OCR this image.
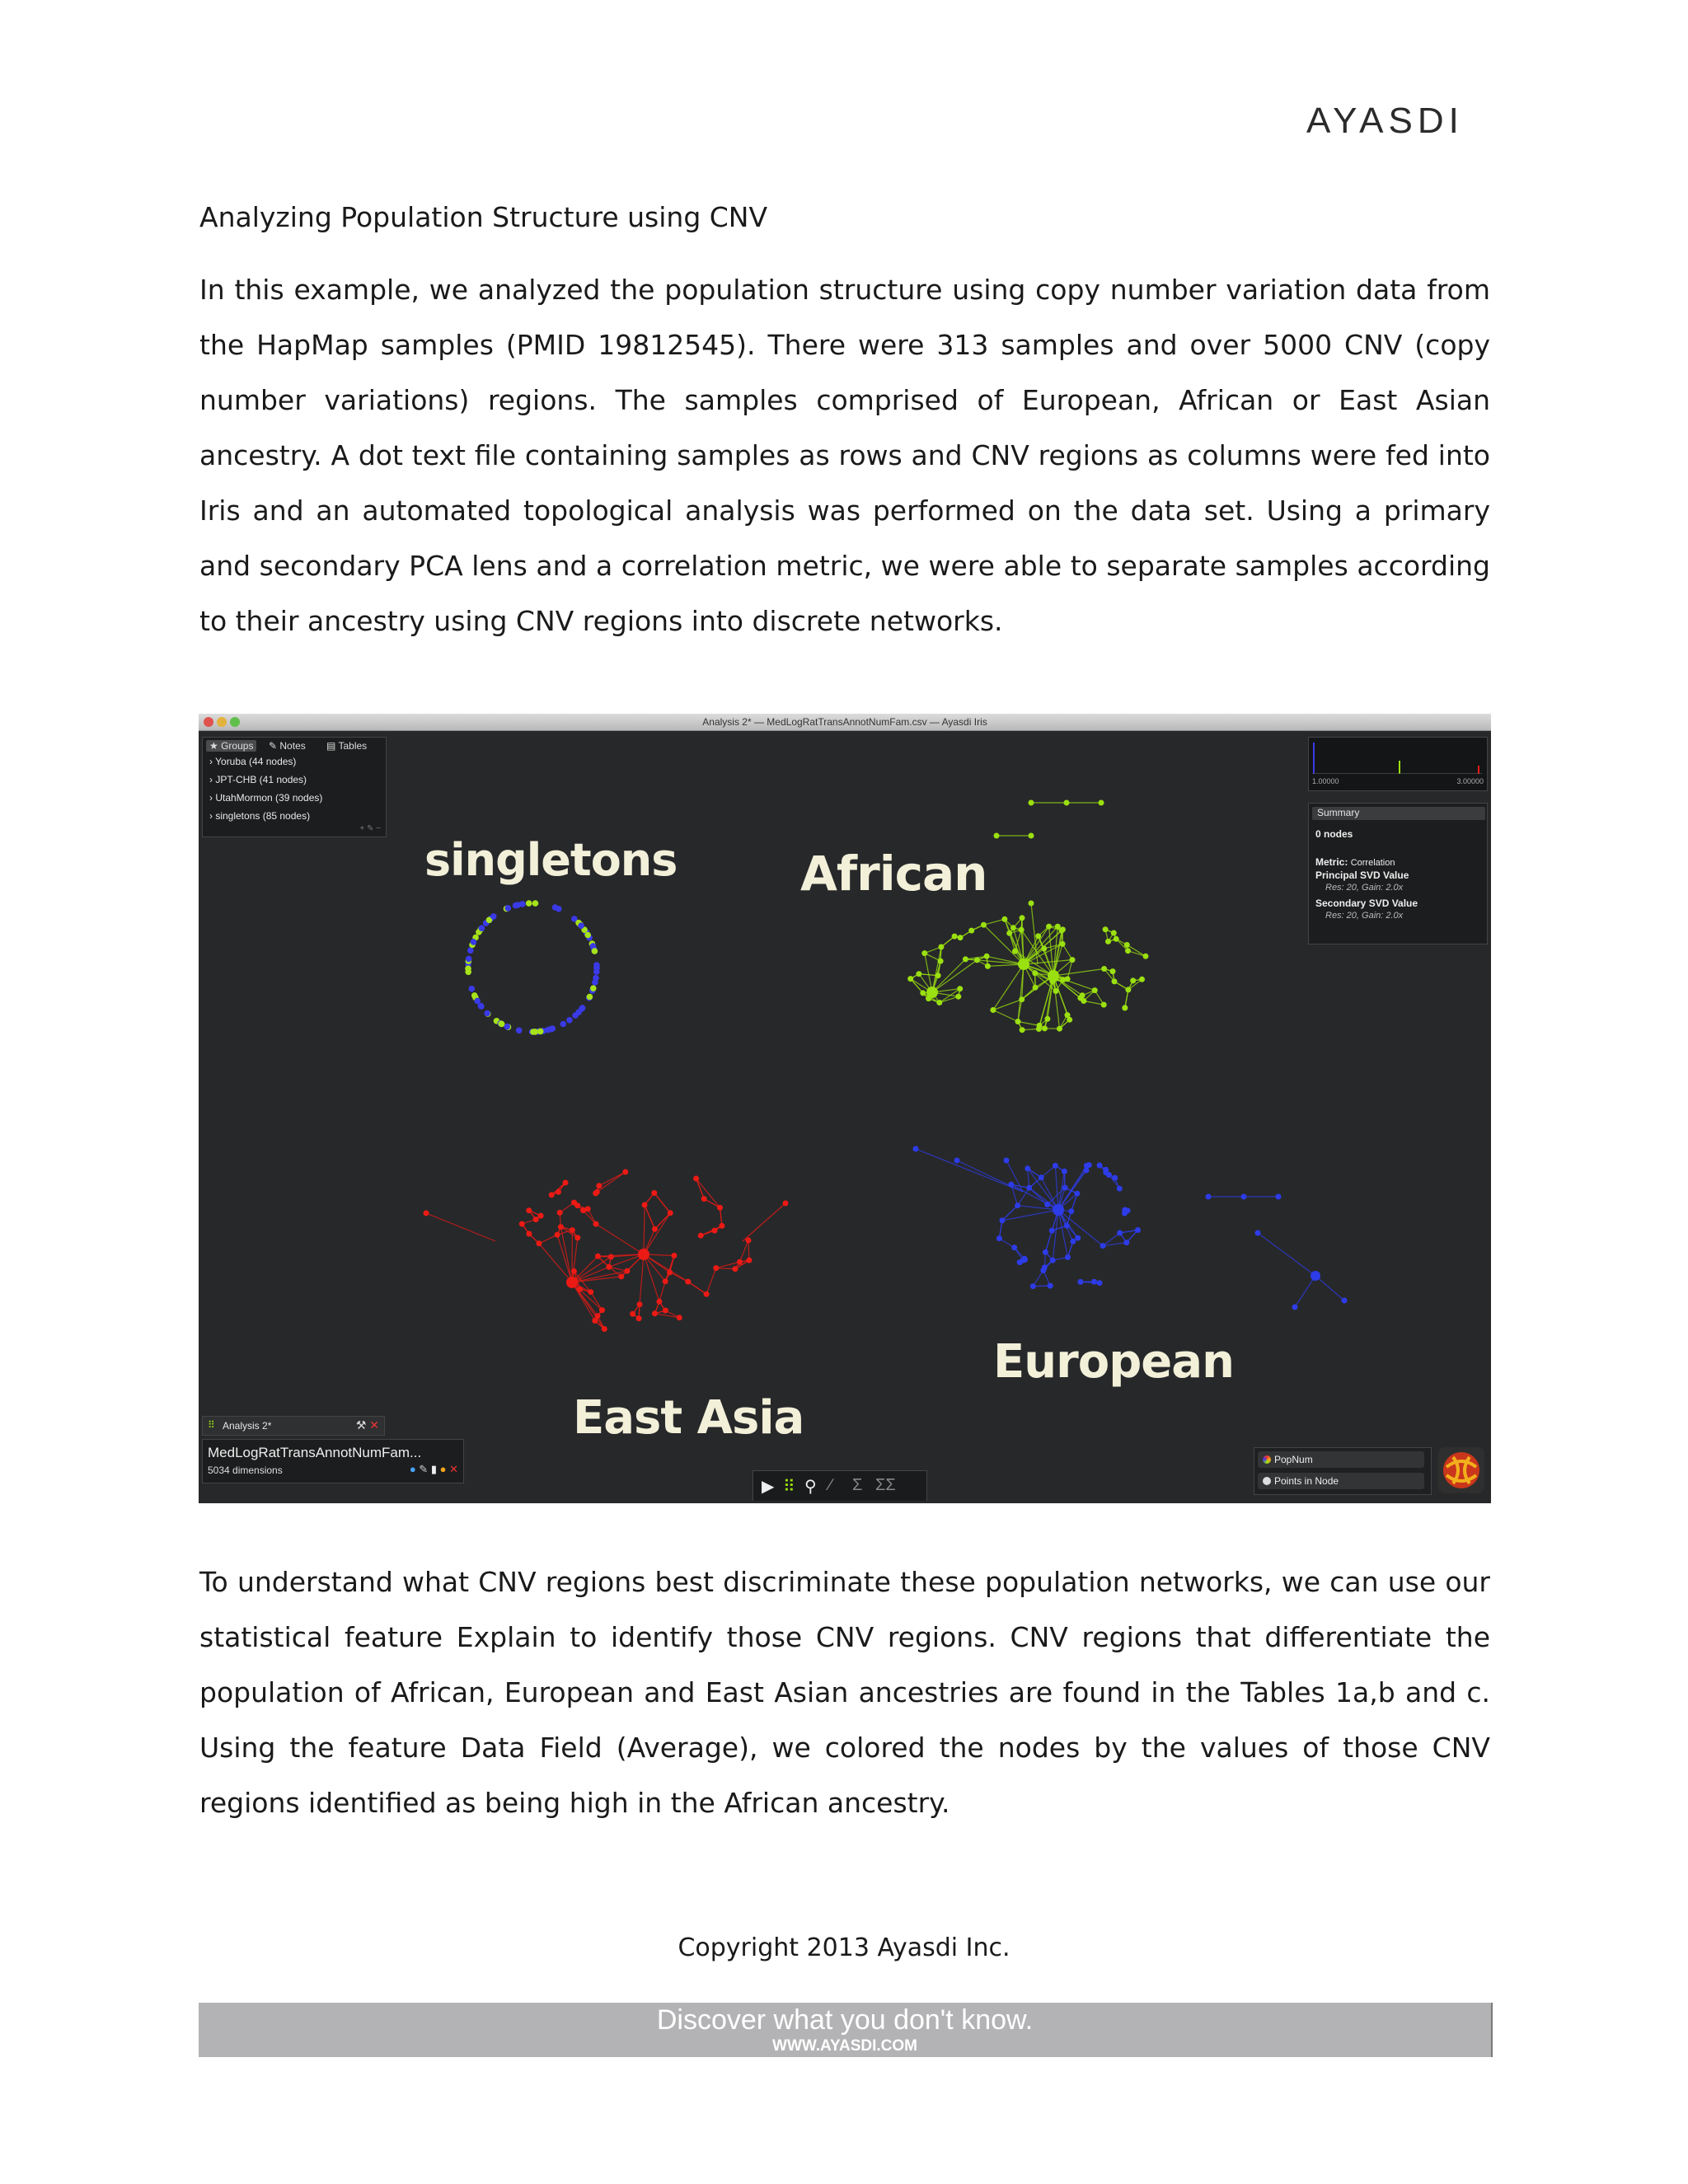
AYASDI
Analyzing Population Structure using CNV
In this example, we analyzed the population structure using copy number variation data from the HapMap samples (PMID 19812545). There were 313 samples and over 5000 CNV (copy number variations) regions. The samples comprised of European, African or East Asian ancestry. A dot text file containing samples as rows and CNV regions as columns were fed into Iris and an automated topological analysis was performed on the data set. Using a primary and secondary PCA lens and a correlation metric, we were able to separate samples according to their ancestry using CNV regions into discrete networks.
Analysis 2* — MedLogRatTransAnnotNumFam.csv — Ayasdi Iris
singletons	African
European
East Asia
★ Groups	✎ Notes ▤ Tables
› Yoruba (44 nodes)
› JPT-CHB (41 nodes)
› UtahMormon (39 nodes)
› singletons (85 nodes)
+ ✎ −
1.00000	3.00000
Summary
0 nodes
Metric: Correlation
Principal SVD Value
Res: 20, Gain: 2.0x
Secondary SVD Value
Res: 20, Gain: 2.0x
⠿ Analysis 2*	⚒ ✕
MedLogRatTransAnnotNumFam...
5034 dimensions	● ✎ ▮ ● ✕
▶ ⠿ ⚲ ∕ Σ ΣΣ
PopNum
Points in Node
To understand what CNV regions best discriminate these population networks, we can use our statistical feature Explain to identify those CNV regions. CNV regions that differentiate the population of African, European and East Asian ancestries are found in the Tables 1a,b and c. Using the feature Data Field (Average), we colored the nodes by the values of those CNV regions identified as being high in the African ancestry.
Copyright 2013 Ayasdi Inc.
Discover what you don't know.
WWW.AYASDI.COM
